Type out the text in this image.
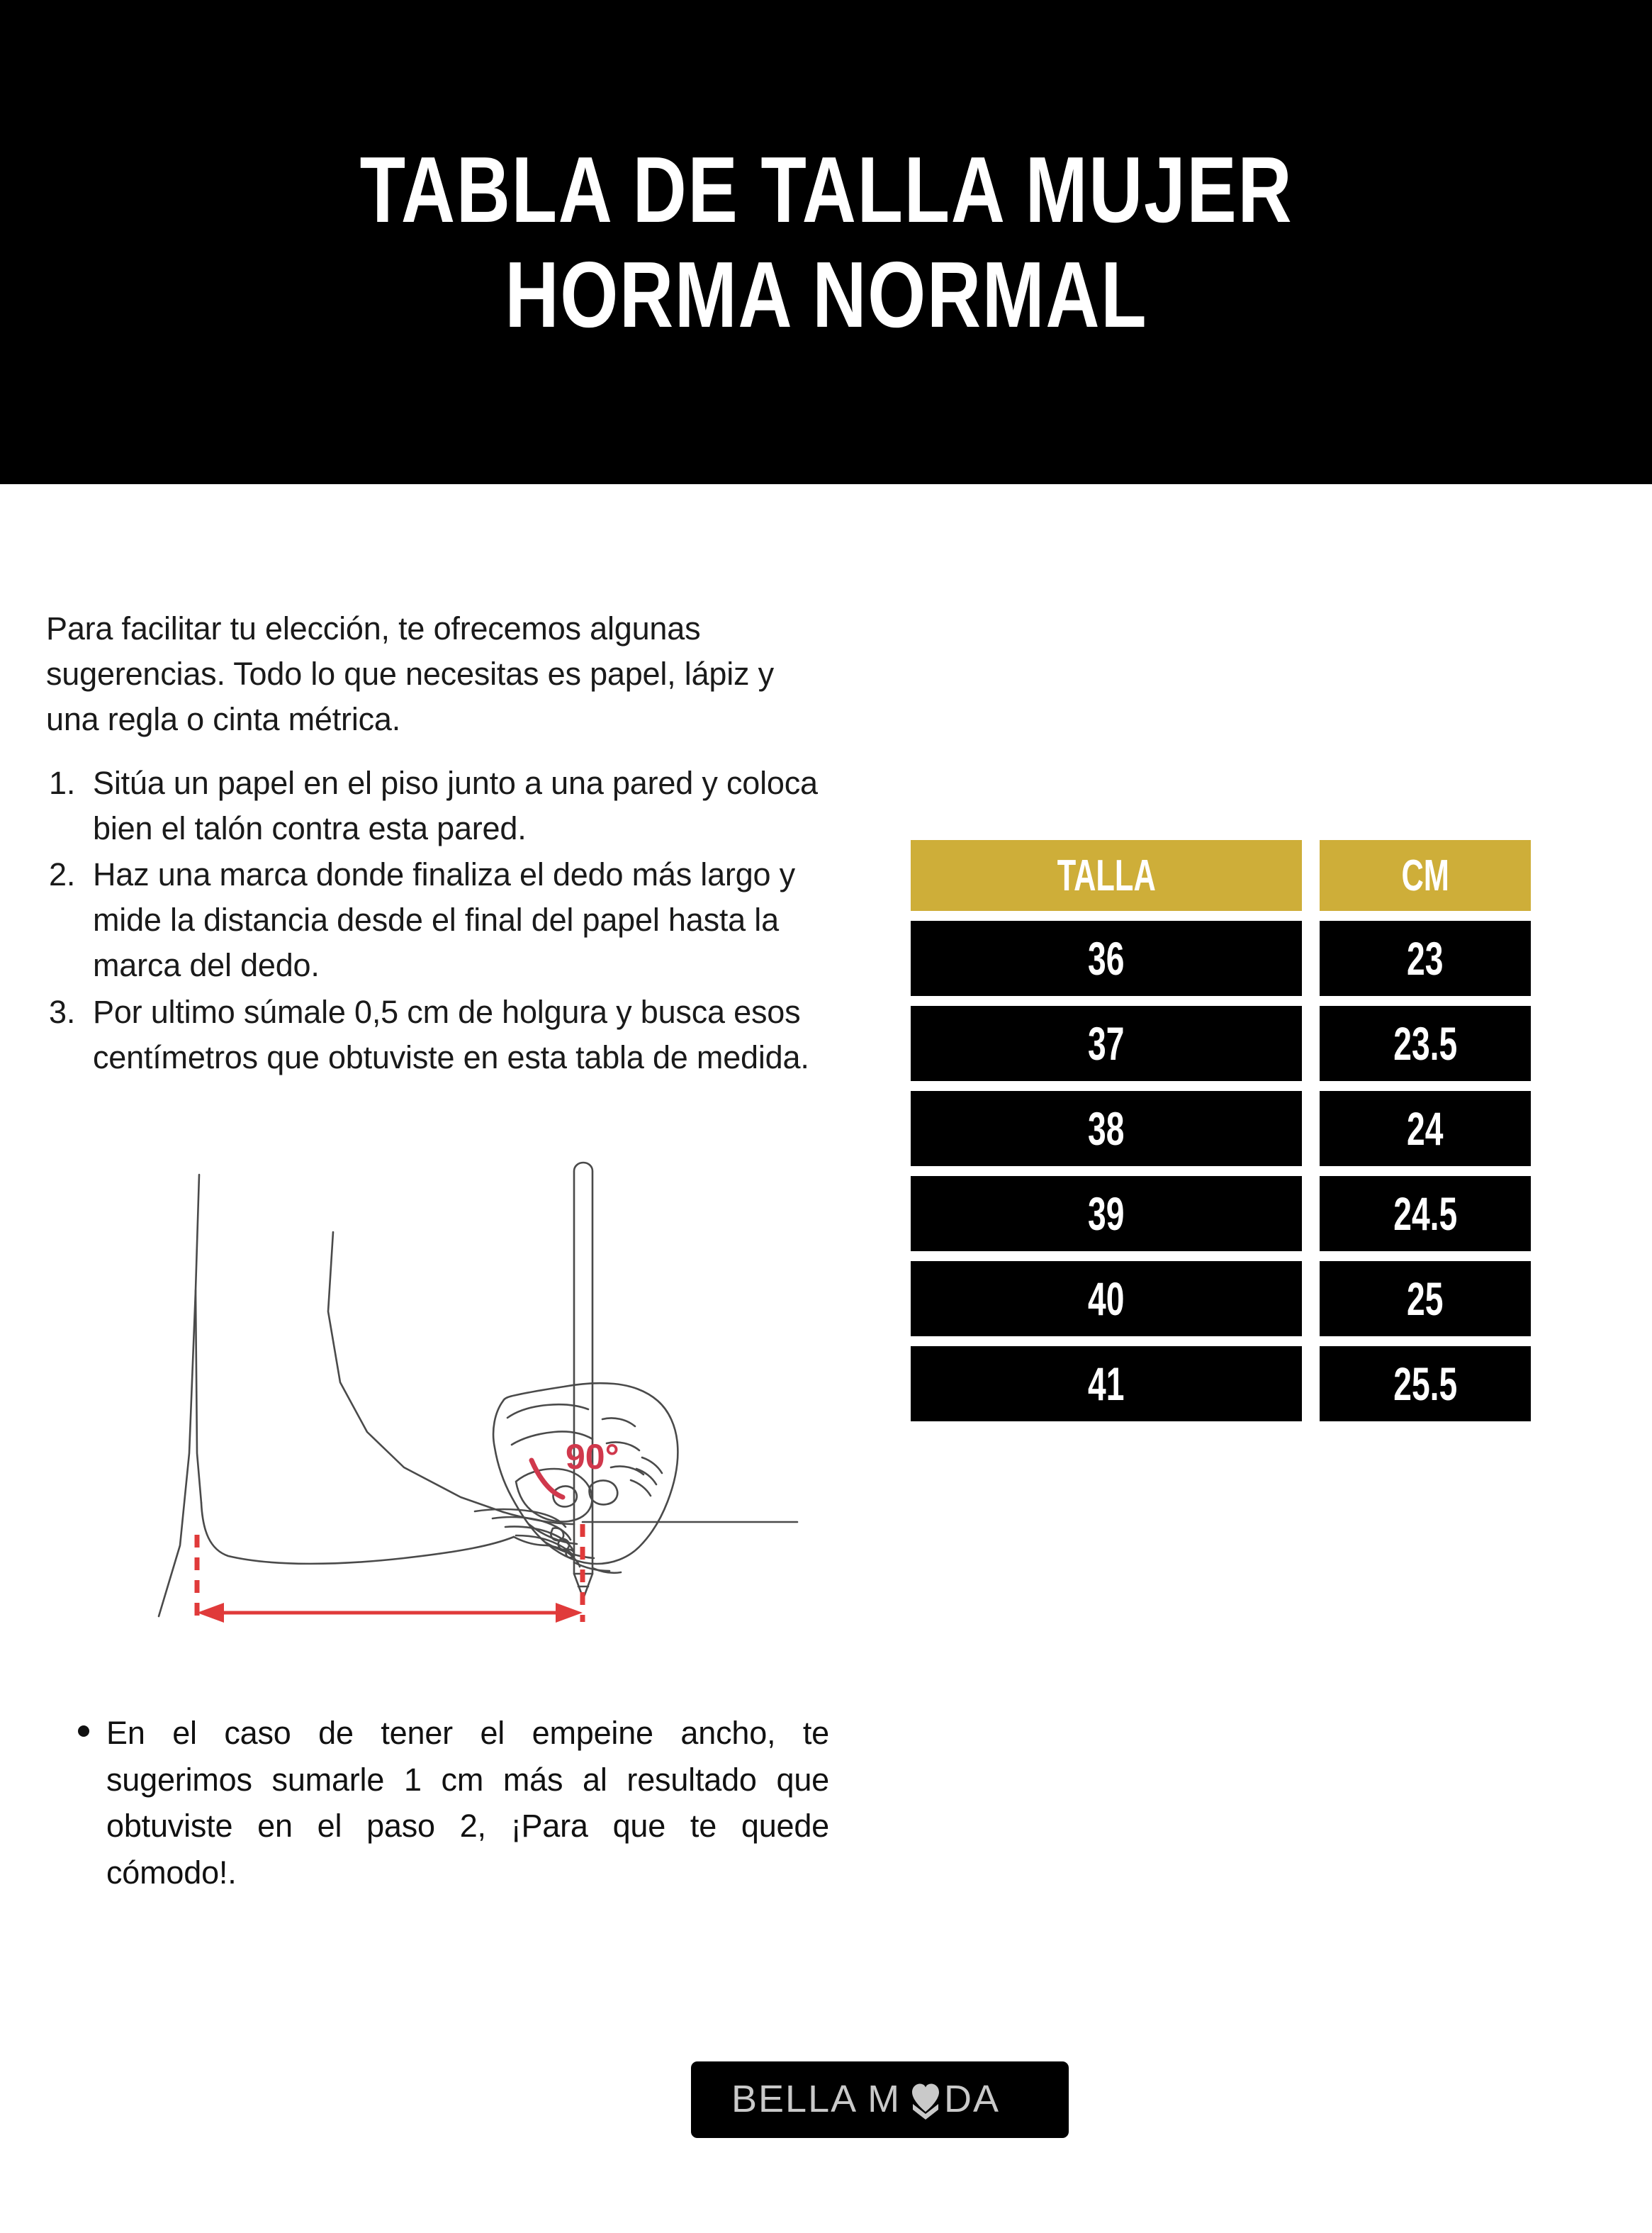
TABLA DE TALLA MUJER
HORMA NORMAL

Para facilitar tu elección, te ofrecemos algunas sugerencias. Todo lo que necesitas es papel, lápiz y una regla o cinta métrica.

Sitúa un papel en el piso junto a una pared y coloca bien el talón contra esta pared.
Haz una marca donde finaliza el dedo más largo y mide la distancia desde el final del papel hasta la marca del dedo.
Por ultimo súmale 0,5 cm de holgura y busca esos centímetros que obtuviste en esta tabla de medida.
90°
En el caso de tener el empeine ancho, te sugerimos sumarle 1 cm más al resultado que obtuviste en el paso 2, ¡Para que te quede cómodo!.
TALLA	CM
36	23
37	23.5
38	24
39	24.5
40	25
41	25.5
BELLA M DA
